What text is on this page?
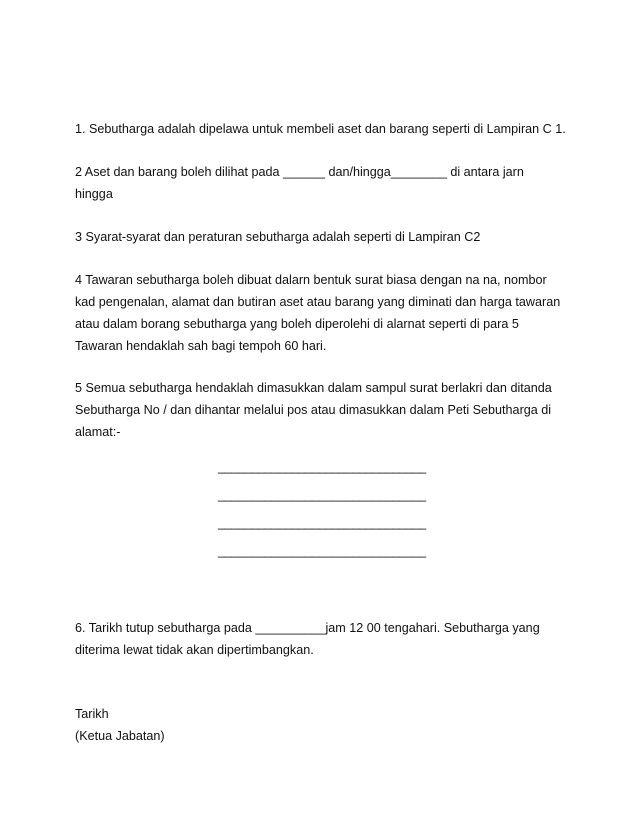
1. Sebutharga adalah dipelawa untuk membeli aset dan barang seperti di Lampiran C 1.
2 Aset dan barang boleh dilihat pada ______ dan/hingga________ di antara jarn
hingga
3 Syarat-syarat dan peraturan sebutharga adalah seperti di Lampiran C2
4 Tawaran sebutharga boleh dibuat dalarn bentuk surat biasa dengan na na, nombor
kad pengenalan, alamat dan butiran aset atau barang yang diminati dan harga tawaran
atau dalam borang sebutharga yang boleh diperolehi di alarnat seperti di para 5
Tawaran hendaklah sah bagi tempoh 60 hari.
5 Semua sebutharga hendaklah dimasukkan dalam sampul surat berlakri dan ditanda
Sebutharga No / dan dihantar melalui pos atau dimasukkan dalam Peti Sebutharga di
alamat:-
_______________________________
_______________________________
_______________________________
_______________________________
6. Tarikh tutup sebutharga pada __________jam 12 00 tengahari. Sebutharga yang
diterima lewat tidak akan dipertimbangkan.
Tarikh
(Ketua Jabatan)
